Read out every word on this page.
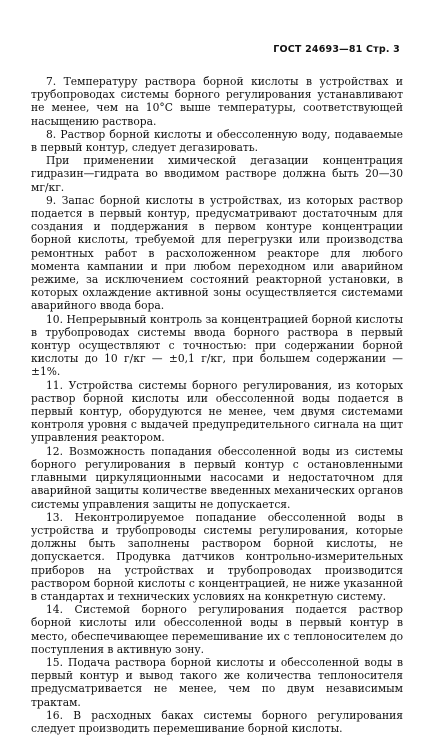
ГОСТ 24693—81 Стр. 3

7. Температуру раствора борной кислоты в устройствах и трубопроводах системы борного регулирования устанавливают не менее, чем на 10°С выше температуры, соответствующей насыщению раствора.

8. Раствор борной кислоты и обессоленную воду, подаваемые в первый контур, следует дегазировать.

При применении химической дегазации концентрация гидразин—гидрата во вводимом растворе должна быть 20—30 мг/кг.

9. Запас борной кислоты в устройствах, из которых раствор подается в первый контур, предусматривают достаточным для создания и поддержания в первом контуре концентрации борной кислоты, требуемой для перегрузки или производства ремонтных работ в расхоложенном реакторе для любого момента кампании и при любом переходном или аварийном режиме, за исключением состояний реакторной установки, в которых охлаждение активной зоны осуществляется системами аварийного ввода бора.

10. Непрерывный контроль за концентрацией борной кислоты в трубопроводах системы ввода борного раствора в первый контур осуществляют с точностью: при содержании борной кислоты до 10 г/кг — ±0,1 г/кг, при большем содержании — ±1%.

11. Устройства системы борного регулирования, из которых раствор борной кислоты или обессоленной воды подается в первый контур, оборудуются не менее, чем двумя системами контроля уровня с выдачей предупредительного сигнала на щит управления реактором.

12. Возможность попадания обессоленной воды из системы борного регулирования в первый контур с остановленными главными циркуляционными насосами и недостаточном для аварийной защиты количестве введенных механических органов системы управления защиты не допускается.

13. Неконтролируемое попадание обессоленной воды в устройства и трубопроводы системы регулирования, которые должны быть заполнены раствором борной кислоты, не допускается. Продувка датчиков контрольно-измерительных приборов на устройствах и трубопроводах производится раствором борной кислоты с концентрацией, не ниже указанной в стандартах и технических условиях на конкретную систему.

14. Системой борного регулирования подается раствор борной кислоты или обессоленной воды в первый контур в место, обеспечивающее перемешивание их с теплоносителем до поступления в активную зону.

15. Подача раствора борной кислоты и обессоленной воды в первый контур и вывод такого же количества теплоносителя предусматривается не менее, чем по двум независимым трактам.

16. В расходных баках системы борного регулирования следует производить перемешивание борной кислоты.
